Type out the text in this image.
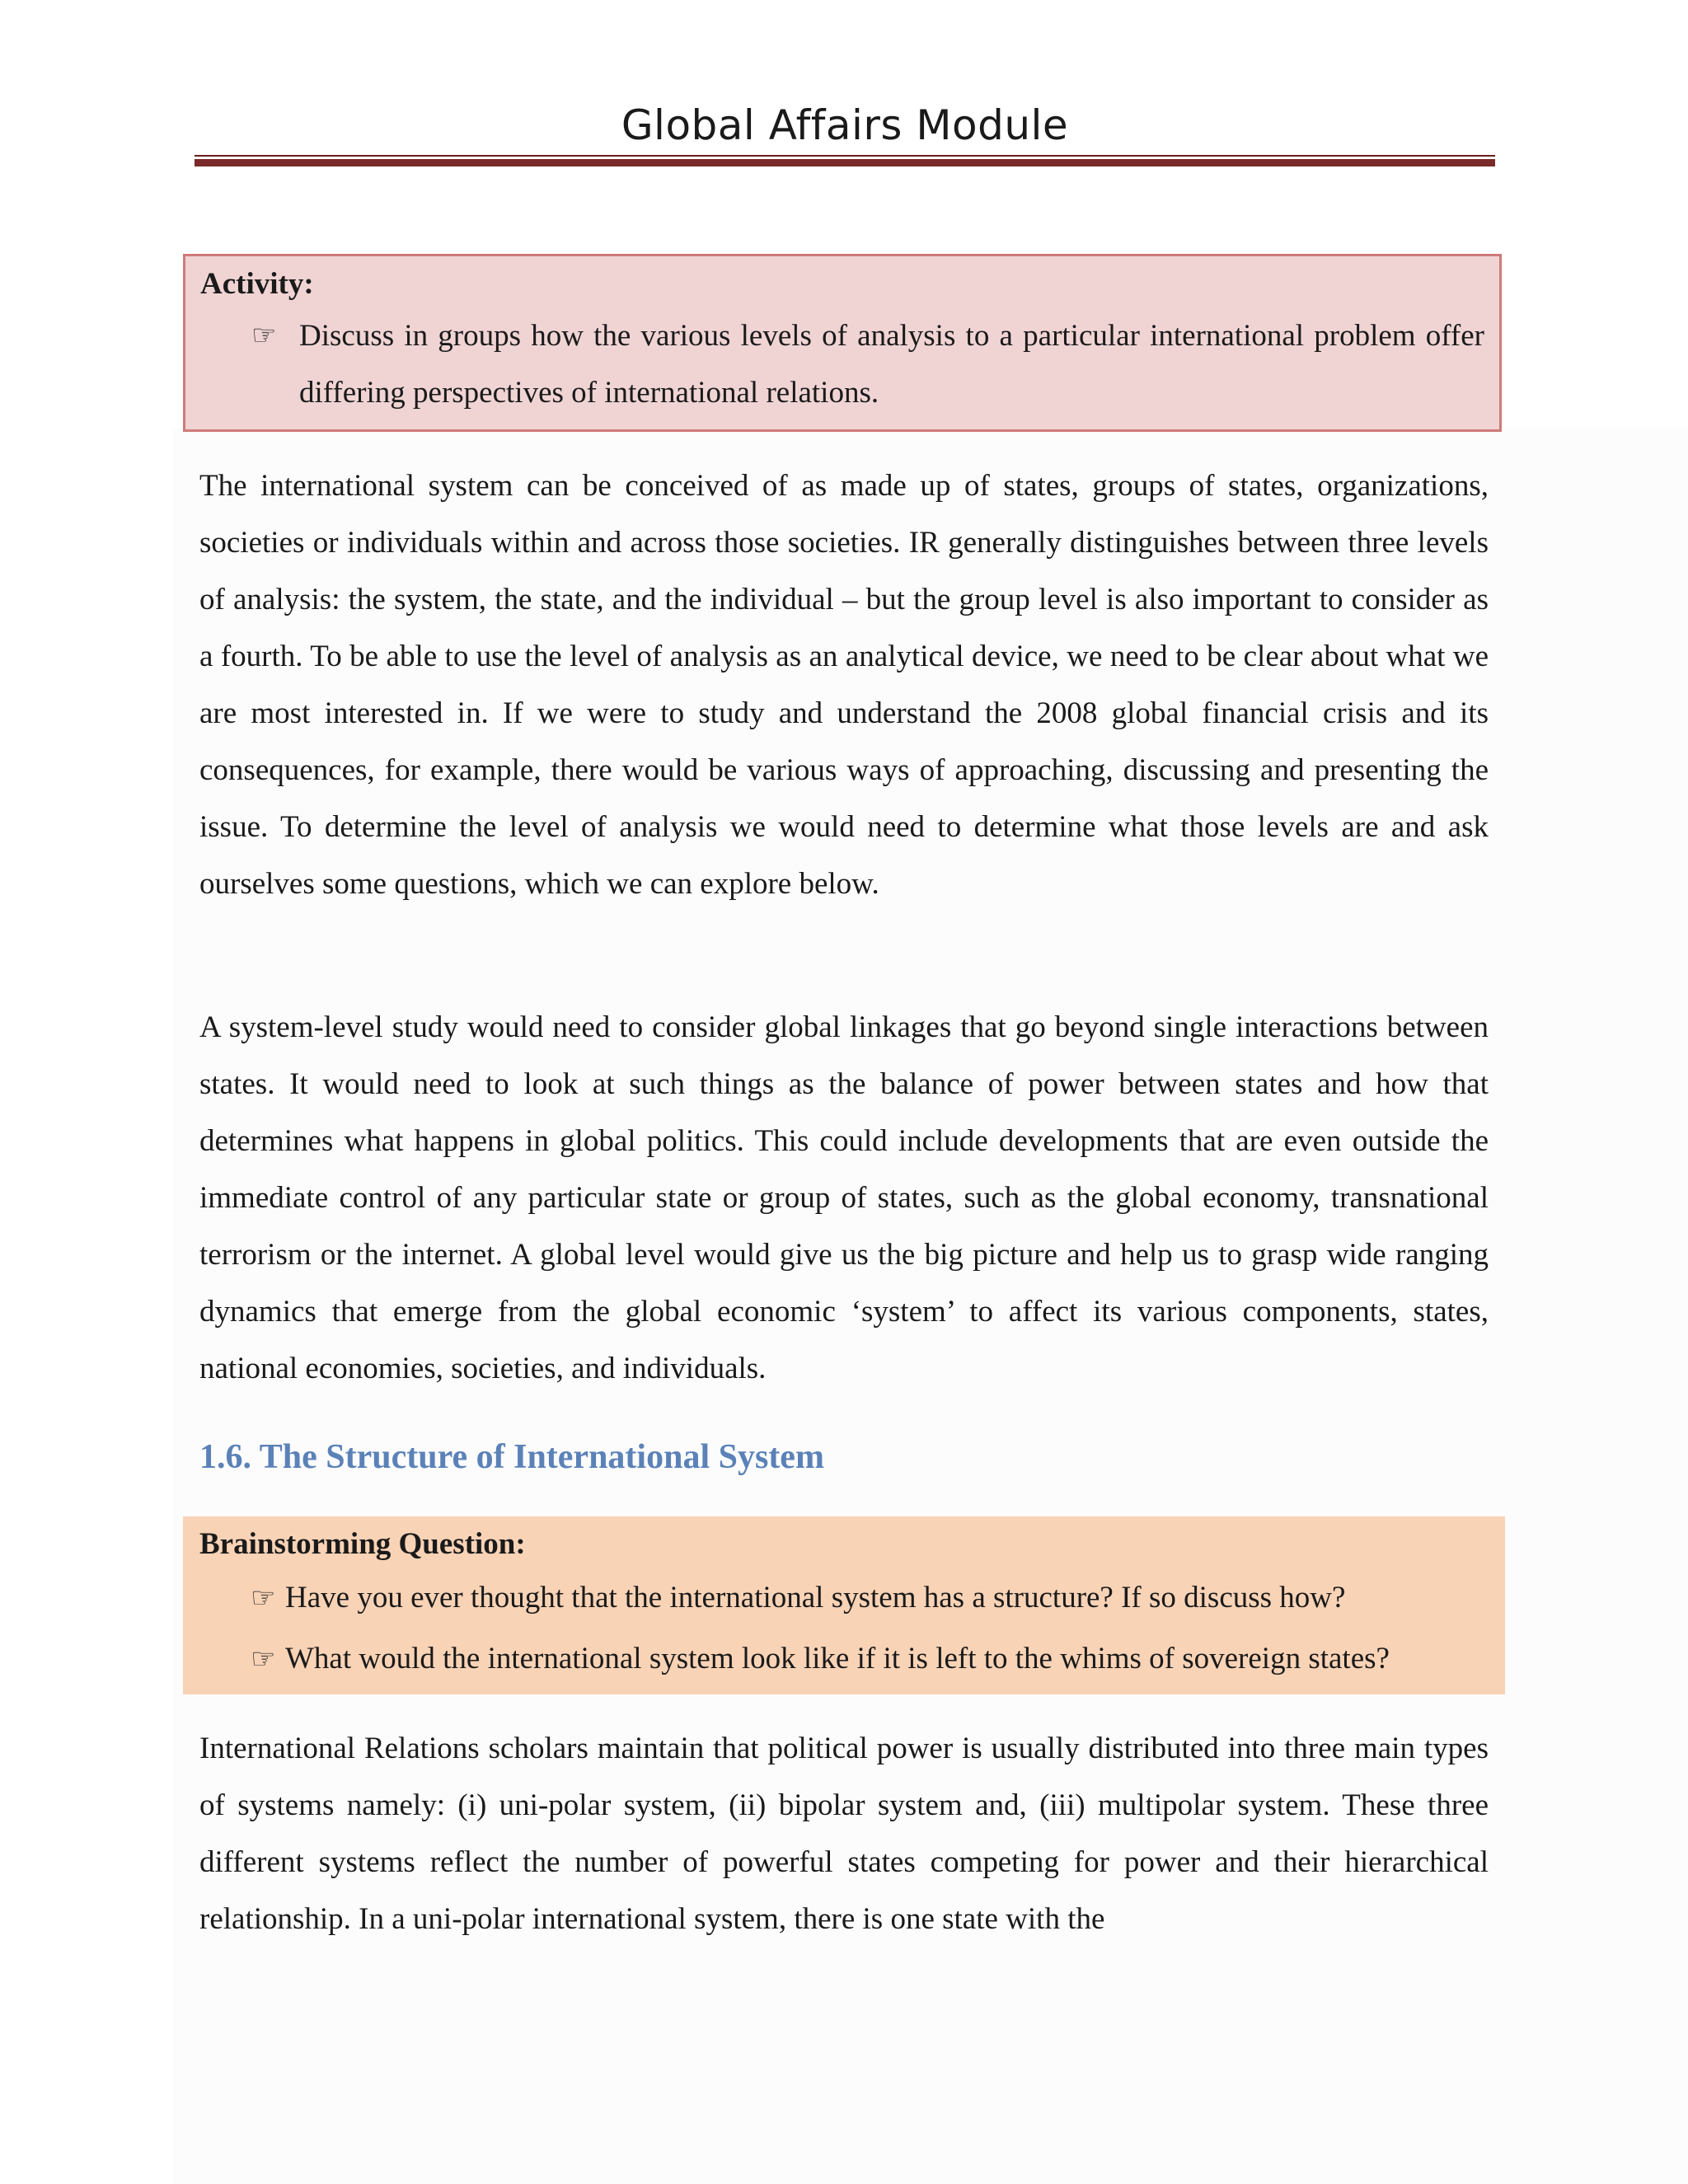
Global Affairs Module
Activity:
☞ Discuss in groups how the various levels of analysis to a particular international problem offer differing perspectives of international relations.

The international system can be conceived of as made up of states, groups of states, organizations, societies or individuals within and across those societies. IR generally distinguishes between three levels of analysis: the system, the state, and the individual – but the group level is also important to consider as a fourth. To be able to use the level of analysis as an analytical device, we need to be clear about what we are most interested in. If we were to study and understand the 2008 global financial crisis and its consequences, for example, there would be various ways of approaching, discussing and presenting the issue. To determine the level of analysis we would need to determine what those levels are and ask ourselves some questions, which we can explore below.

A system-level study would need to consider global linkages that go beyond single interactions between states. It would need to look at such things as the balance of power between states and how that determines what happens in global politics. This could include developments that are even outside the immediate control of any particular state or group of states, such as the global economy, transnational terrorism or the internet. A global level would give us the big picture and help us to grasp wide ranging dynamics that emerge from the global economic ‘system’ to affect its various components, states, national economies, societies, and individuals.

1.6. The Structure of International System
Brainstorming Question:
☞ Have you ever thought that the international system has a structure? If so discuss how?
☞ What would the international system look like if it is left to the whims of sovereign states?

International Relations scholars maintain that political power is usually distributed into three main types of systems namely: (i) uni-polar system, (ii) bipolar system and, (iii) multipolar system. These three different systems reflect the number of powerful states competing for power and their hierarchical relationship. In a uni-polar international system, there is one state with the
